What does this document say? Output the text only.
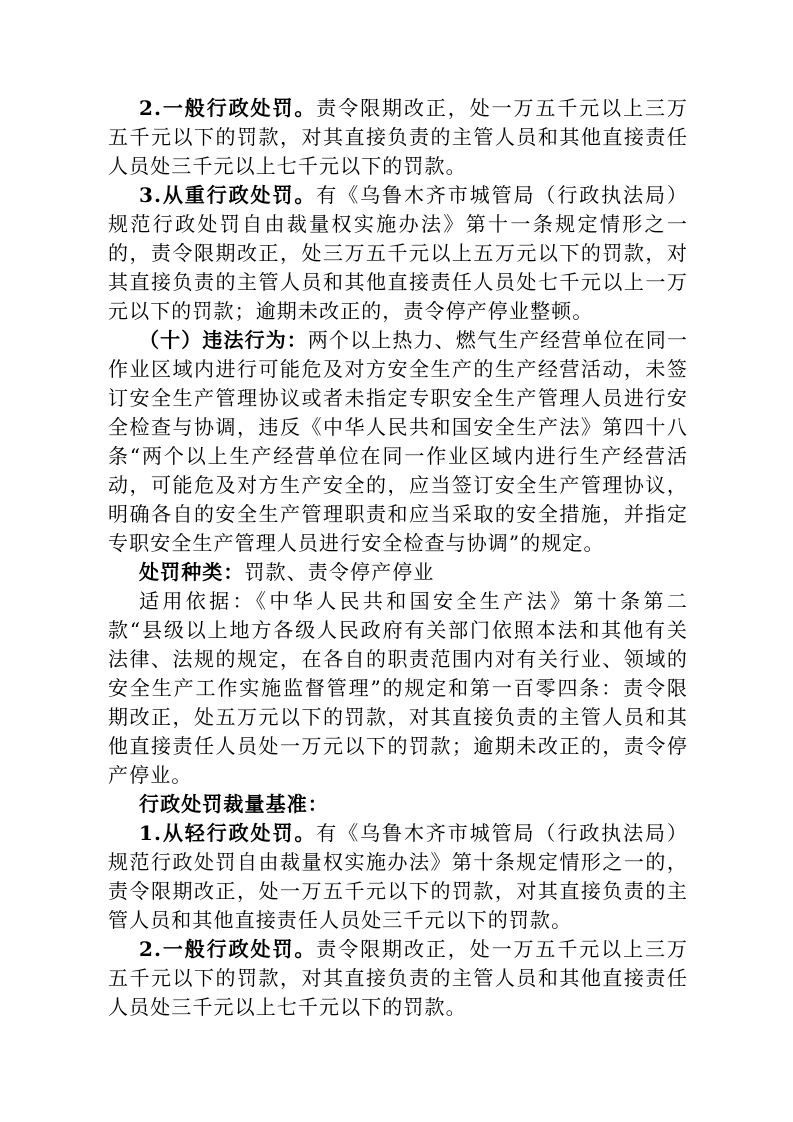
2.一般行政处罚。责令限期改正，处一万五千元以上三万五千元以下的罚款，对其直接负责的主管人员和其他直接责任人员处三千元以上七千元以下的罚款。

3.从重行政处罚。有《乌鲁木齐市城管局（行政执法局）规范行政处罚自由裁量权实施办法》第十一条规定情形之一的，责令限期改正，处三万五千元以上五万元以下的罚款，对其直接负责的主管人员和其他直接责任人员处七千元以上一万元以下的罚款；逾期未改正的，责令停产停业整顿。

（十）违法行为：两个以上热力、燃气生产经营单位在同一作业区域内进行可能危及对方安全生产的生产经营活动，未签订安全生产管理协议或者未指定专职安全生产管理人员进行安全检查与协调，违反《中华人民共和国安全生产法》第四十八条“两个以上生产经营单位在同一作业区域内进行生产经营活动，可能危及对方生产安全的，应当签订安全生产管理协议，明确各自的安全生产管理职责和应当采取的安全措施，并指定专职安全生产管理人员进行安全检查与协调”的规定。

处罚种类：罚款、责令停产停业

适用依据：《中华人民共和国安全生产法》第十条第二款“县级以上地方各级人民政府有关部门依照本法和其他有关法律、法规的规定，在各自的职责范围内对有关行业、领域的安全生产工作实施监督管理”的规定和第一百零四条：责令限期改正，处五万元以下的罚款，对其直接负责的主管人员和其他直接责任人员处一万元以下的罚款；逾期未改正的，责令停产停业。

行政处罚裁量基准：

1.从轻行政处罚。有《乌鲁木齐市城管局（行政执法局）规范行政处罚自由裁量权实施办法》第十条规定情形之一的，责令限期改正，处一万五千元以下的罚款，对其直接负责的主管人员和其他直接责任人员处三千元以下的罚款。

2.一般行政处罚。责令限期改正，处一万五千元以上三万五千元以下的罚款，对其直接负责的主管人员和其他直接责任人员处三千元以上七千元以下的罚款。
